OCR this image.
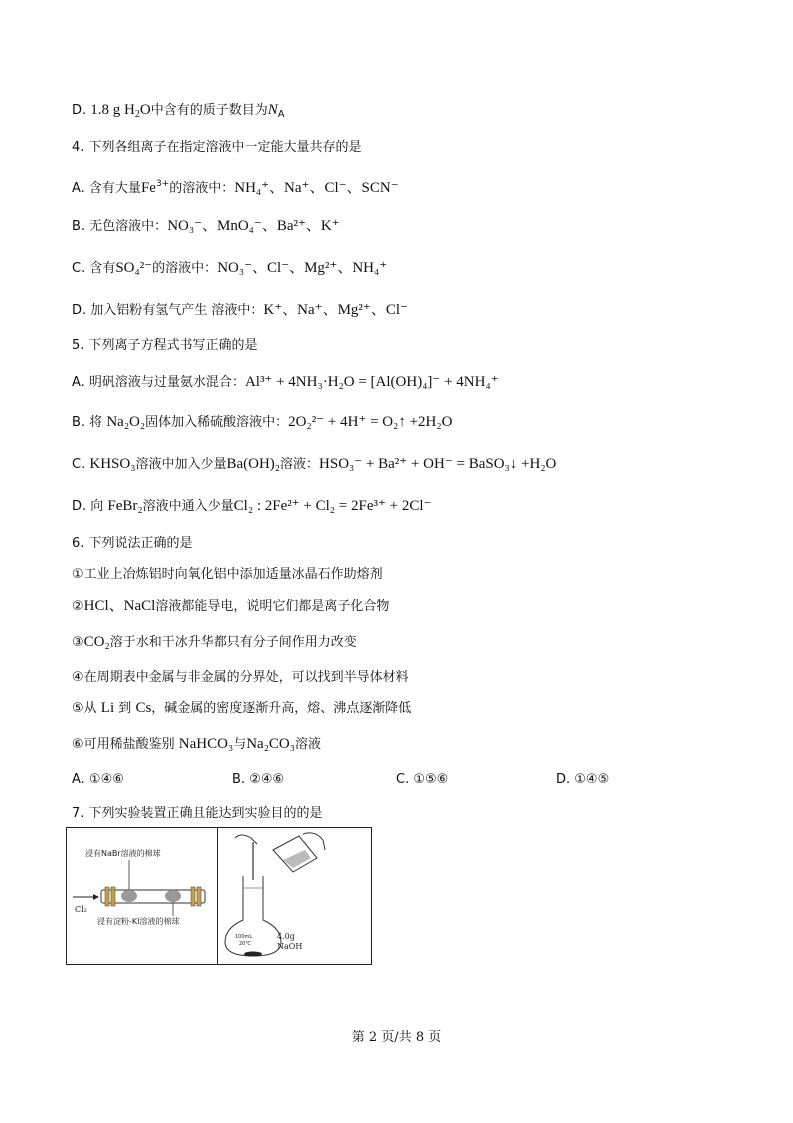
D. 1.8 g $H_2O$中含有的质子数目为$N_A$
4. 下列各组离子在指定溶液中一定能大量共存的是
A. 含有大量$Fe^{3+}$的溶液中：NH₄⁺、Na⁺、Cl⁻、SCN⁻
B. 无色溶液中：NO₃⁻、MnO₄⁻、Ba²⁺、K⁺
C. 含有SO₄²⁻的溶液中：NO₃⁻、Cl⁻、Mg²⁺、NH₄⁺
D. 加入铝粉有氢气产生 溶液中：K⁺、Na⁺、Mg²⁺、Cl⁻
5. 下列离子方程式书写正确的是
A. 明矾溶液与过量氨水混合：Al³⁺ + 4NH₃·H₂O = [Al(OH)₄]⁻ + 4NH₄⁺
B. 将 Na₂O₂固体加入稀硫酸溶液中：2O₂²⁻ + 4H⁺ = O₂↑ +2H₂O
C. KHSO₃溶液中加入少量Ba(OH)₂溶液：HSO₃⁻ + Ba²⁺ + OH⁻ = BaSO₃↓ +H₂O
D. 向 FeBr₂溶液中通入少量Cl₂ : 2Fe²⁺ + Cl₂ = 2Fe³⁺ + 2Cl⁻
6. 下列说法正确的是
①工业上冶炼铝时向氧化铝中添加适量冰晶石作助熔剂
②HCl、NaCl溶液都能导电，说明它们都是离子化合物
③CO₂溶于水和干冰升华都只有分子间作用力改变
④在周期表中金属与非金属的分界处，可以找到半导体材料
⑤从 Li 到 Cs，碱金属的密度逐渐升高，熔、沸点逐渐降低
⑥可用稀盐酸鉴别 NaHCO₃与Na₂CO₃溶液
A. ①④⑥	B. ②④⑥	C. ①⑤⑥	D. ①④⑤
7. 下列实验装置正确且能达到实验目的的是
浸有NaBr溶液的棉球
Cl₂
浸有淀粉-KI溶液的棉球
100mL
20℃
4.0g
NaOH
第 2 页/共 8 页
